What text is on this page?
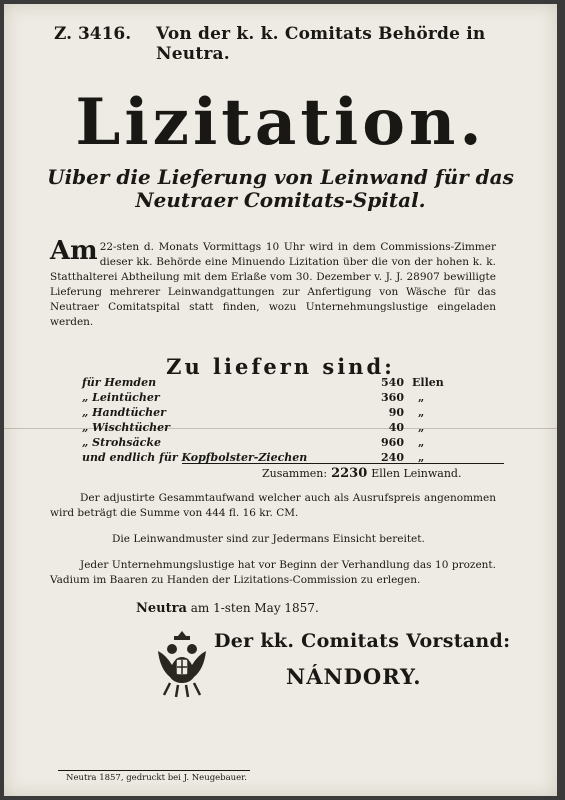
Z. 3416. Von der k. k. Comitats Behörde in Neutra.
Lizitation.
Uiber die Lieferung von Leinwand für das
Neutraer Comitats-Spital.
Am 22-sten d. Monats Vormittags 10 Uhr wird in dem Commissions-Zimmer dieser kk. Behörde eine Minuendo Lizitation über die von der hohen k. k. Statthalterei Abtheilung mit dem Erlaße vom 30. Dezember v. J. J. 28907 bewilligte Lieferung mehrerer Leinwandgattungen zur Anfertigung von Wäsche für das Neutraer Comitatspital statt finden, wozu Unternehmungslustige eingeladen werden.
Zu liefern sind:
für Hemden	540 Ellen
„ Leintücher	360 „
„ Handtücher	90 „
„ Wischtücher	40 „
„ Strohsäcke	960 „
und endlich für Kopfbolster-Ziechen	240 „
Zusammen: 2230 Ellen Leinwand.
Der adjustirte Gesammtaufwand welcher auch als Ausrufspreis angenommen wird beträgt die Summe von 444 fl. 16 kr. CM.
Die Leinwandmuster sind zur Jedermans Einsicht bereitet.
Jeder Unternehmungslustige hat vor Beginn der Verhandlung das 10 prozent. Vadium im Baaren zu Handen der Lizitations-Commission zu erlegen.
Neutra am 1-sten May 1857.
Der kk. Comitats Vorstand:
NÁNDORY.
Neutra 1857, gedruckt bei J. Neugebauer.
